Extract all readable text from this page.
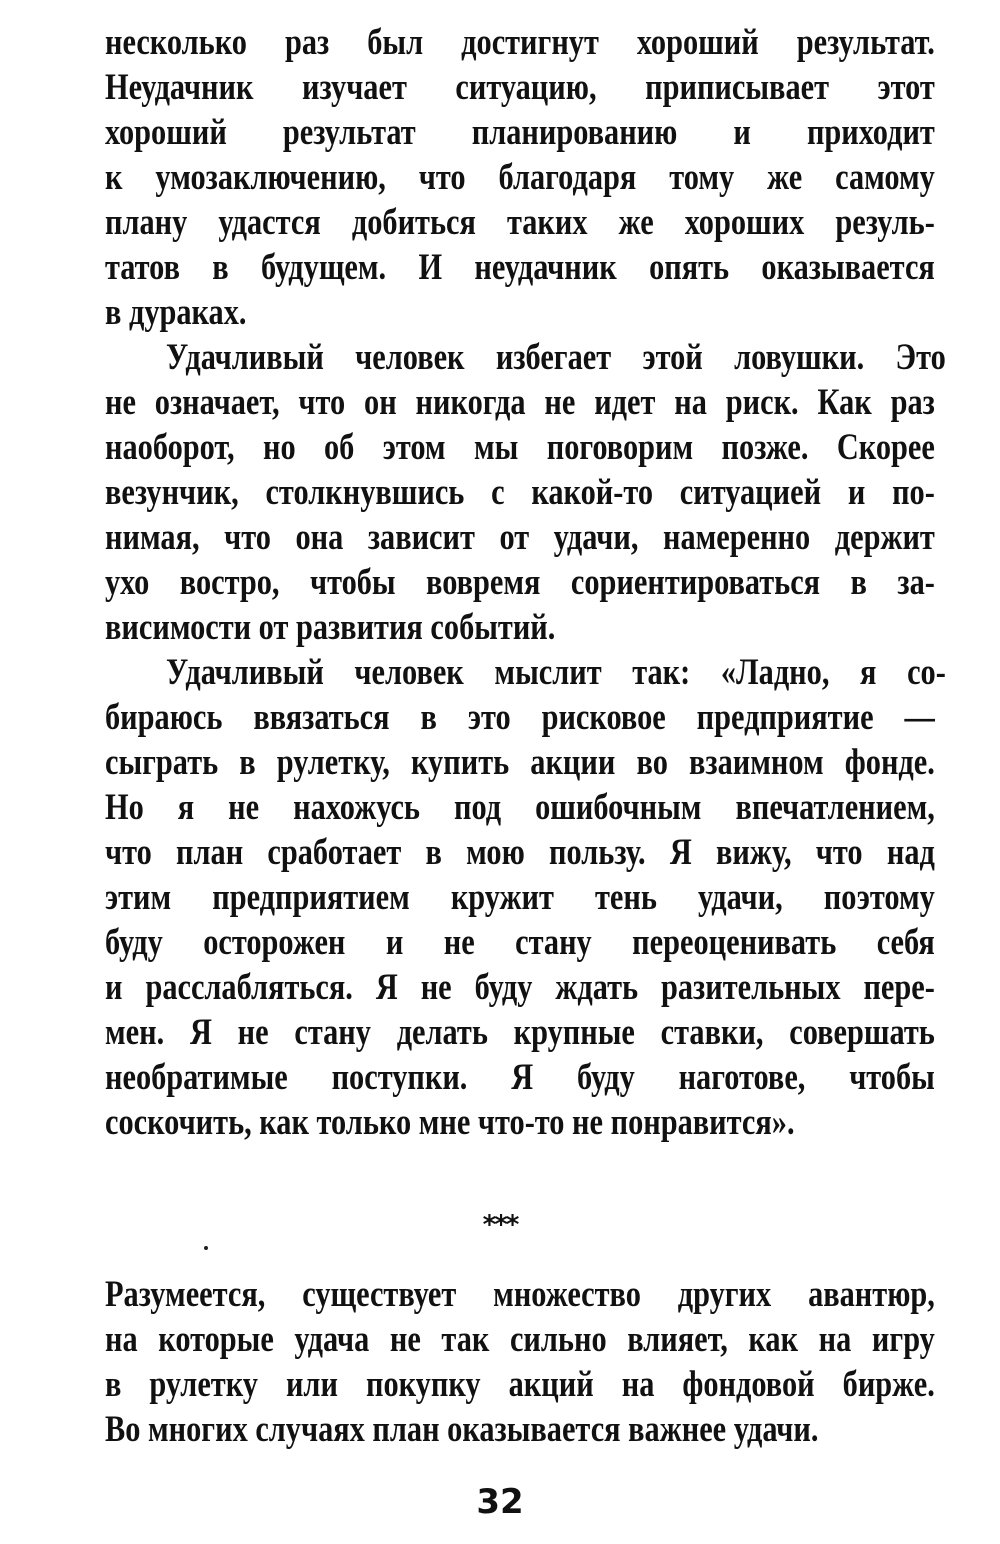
несколько раз был достигнут хороший результат.
Неудачник изучает ситуацию, приписывает этот
хороший результат планированию и приходит
к умозаключению, что благодаря тому же самому
плану удастся добиться таких же хороших резуль-
татов в будущем. И неудачник опять оказывается
в дураках.
Удачливый человек избегает этой ловушки. Это
не означает, что он никогда не идет на риск. Как раз
наоборот, но об этом мы поговорим позже. Скорее
везунчик, столкнувшись с какой-то ситуацией и по-
нимая, что она зависит от удачи, намеренно держит
ухо востро, чтобы вовремя сориентироваться в за-
висимости от развития событий.
Удачливый человек мыслит так: «Ладно, я со-
бираюсь ввязаться в это рисковое предприятие —
сыграть в рулетку, купить акции во взаимном фонде.
Но я не нахожусь под ошибочным впечатлением,
что план сработает в мою пользу. Я вижу, что над
этим предприятием кружит тень удачи, поэтому
буду осторожен и не стану переоценивать себя
и расслабляться. Я не буду ждать разительных пере-
мен. Я не стану делать крупные ставки, совершать
необратимые поступки. Я буду наготове, чтобы
соскочить, как только мне что-то не понравится».
***
Разумеется, существует множество других авантюр,
на которые удача не так сильно влияет, как на игру
в рулетку или покупку акций на фондовой бирже.
Во многих случаях план оказывается важнее удачи.
32
